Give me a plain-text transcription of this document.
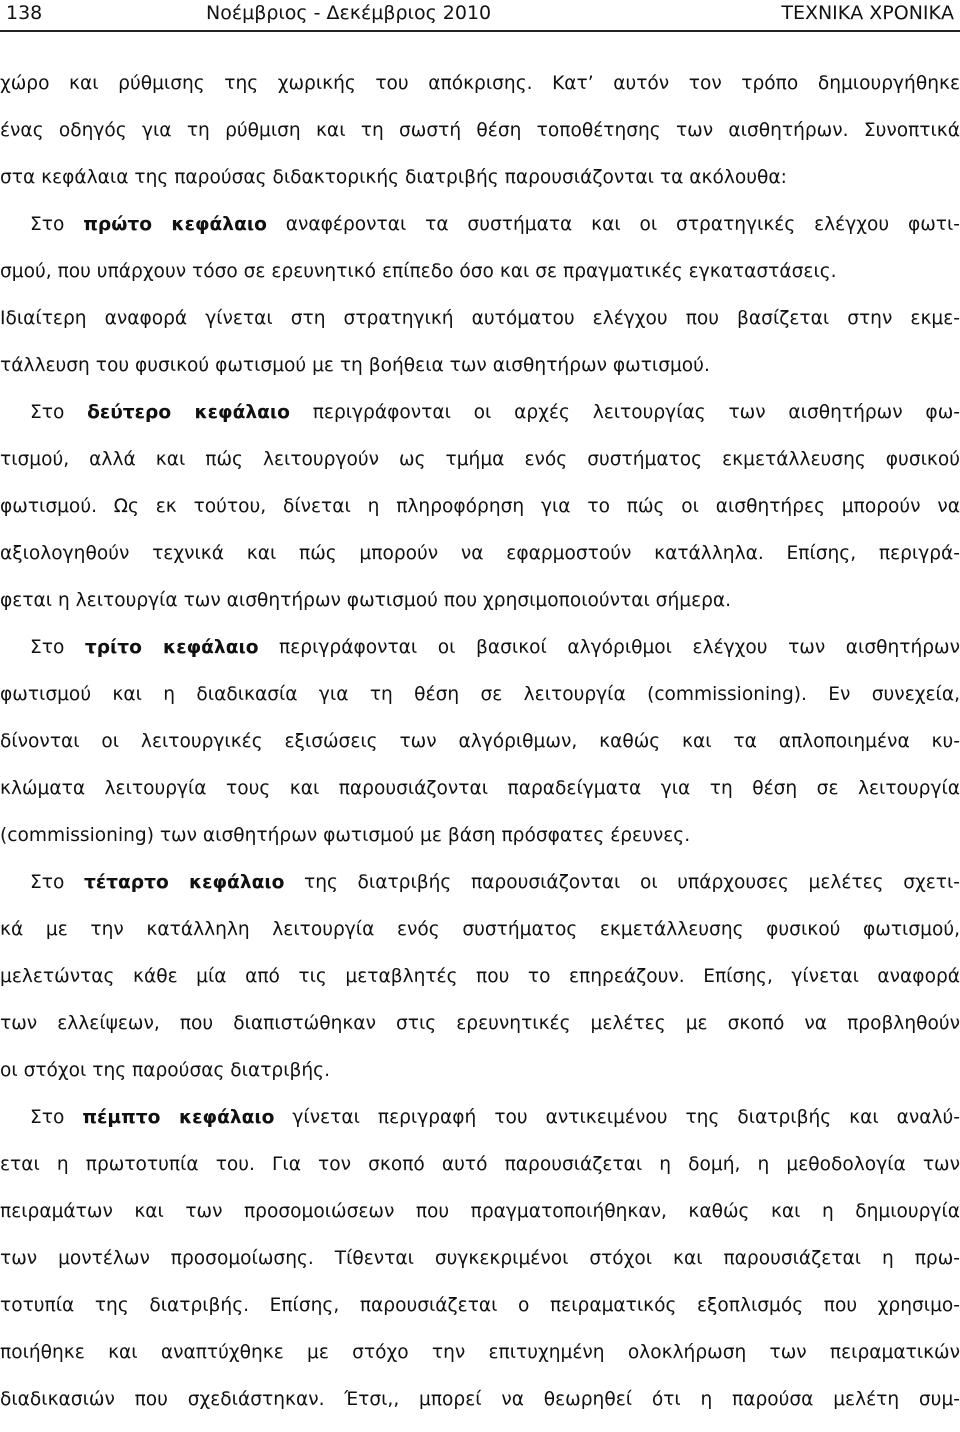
138	Νοέμβριος - Δεκέμβριος 2010	ΤΕΧΝΙΚΑ ΧΡΟΝΙΚΑ
χώρο και ρύθμισης της χωρικής του απόκρισης. Κατ’ αυτόν τον τρόπο δημιουργήθηκε
ένας οδηγός για τη ρύθμιση και τη σωστή θέση τοποθέτησης των αισθητήρων. Συνοπτικά
στα κεφάλαια της παρούσας διδακτορικής διατριβής παρουσιάζονται τα ακόλουθα:
Στο πρώτο κεφάλαιο αναφέρονται τα συστήματα και οι στρατηγικές ελέγχου φωτι-
σμού, που υπάρχουν τόσο σε ερευνητικό επίπεδο όσο και σε πραγματικές εγκαταστάσεις.
Ιδιαίτερη αναφορά γίνεται στη στρατηγική αυτόματου ελέγχου που βασίζεται στην εκμε-
τάλλευση του φυσικού φωτισμού με τη βοήθεια των αισθητήρων φωτισμού.
Στο δεύτερο κεφάλαιο περιγράφονται οι αρχές λειτουργίας των αισθητήρων φω-
τισμού, αλλά και πώς λειτουργούν ως τμήμα ενός συστήματος εκμετάλλευσης φυσικού
φωτισμού. Ως εκ τούτου, δίνεται η πληροφόρηση για το πώς οι αισθητήρες μπορούν να
αξιολογηθούν τεχνικά και πώς μπορούν να εφαρμοστούν κατάλληλα. Επίσης, περιγρά-
φεται η λειτουργία των αισθητήρων φωτισμού που χρησιμοποιούνται σήμερα.
Στο τρίτο κεφάλαιο περιγράφονται οι βασικοί αλγόριθμοι ελέγχου των αισθητήρων
φωτισμού και η διαδικασία για τη θέση σε λειτουργία (commissioning). Εν συνεχεία,
δίνονται οι λειτουργικές εξισώσεις των αλγόριθμων, καθώς και τα απλοποιημένα κυ-
κλώματα λειτουργία τους και παρουσιάζονται παραδείγματα για τη θέση σε λειτουργία
(commissioning) των αισθητήρων φωτισμού με βάση πρόσφατες έρευνες.
Στο τέταρτο κεφάλαιο της διατριβής παρουσιάζονται οι υπάρχουσες μελέτες σχετι-
κά με την κατάλληλη λειτουργία ενός συστήματος εκμετάλλευσης φυσικού φωτισμού,
μελετώντας κάθε μία από τις μεταβλητές που το επηρεάζουν. Επίσης, γίνεται αναφορά
των ελλείψεων, που διαπιστώθηκαν στις ερευνητικές μελέτες με σκοπό να προβληθούν
οι στόχοι της παρούσας διατριβής.
Στο πέμπτο κεφάλαιο γίνεται περιγραφή του αντικειμένου της διατριβής και αναλύ-
εται η πρωτοτυπία του. Για τον σκοπό αυτό παρουσιάζεται η δομή, η μεθοδολογία των
πειραμάτων και των προσομοιώσεων που πραγματοποιήθηκαν, καθώς και η δημιουργία
των μοντέλων προσομοίωσης. Τίθενται συγκεκριμένοι στόχοι και παρουσιάζεται η πρω-
τοτυπία της διατριβής. Επίσης, παρουσιάζεται ο πειραματικός εξοπλισμός που χρησιμο-
ποιήθηκε και αναπτύχθηκε με στόχο την επιτυχημένη ολοκλήρωση των πειραματικών
διαδικασιών που σχεδιάστηκαν. Έτσι,, μπορεί να θεωρηθεί ότι η παρούσα μελέτη συμ-
